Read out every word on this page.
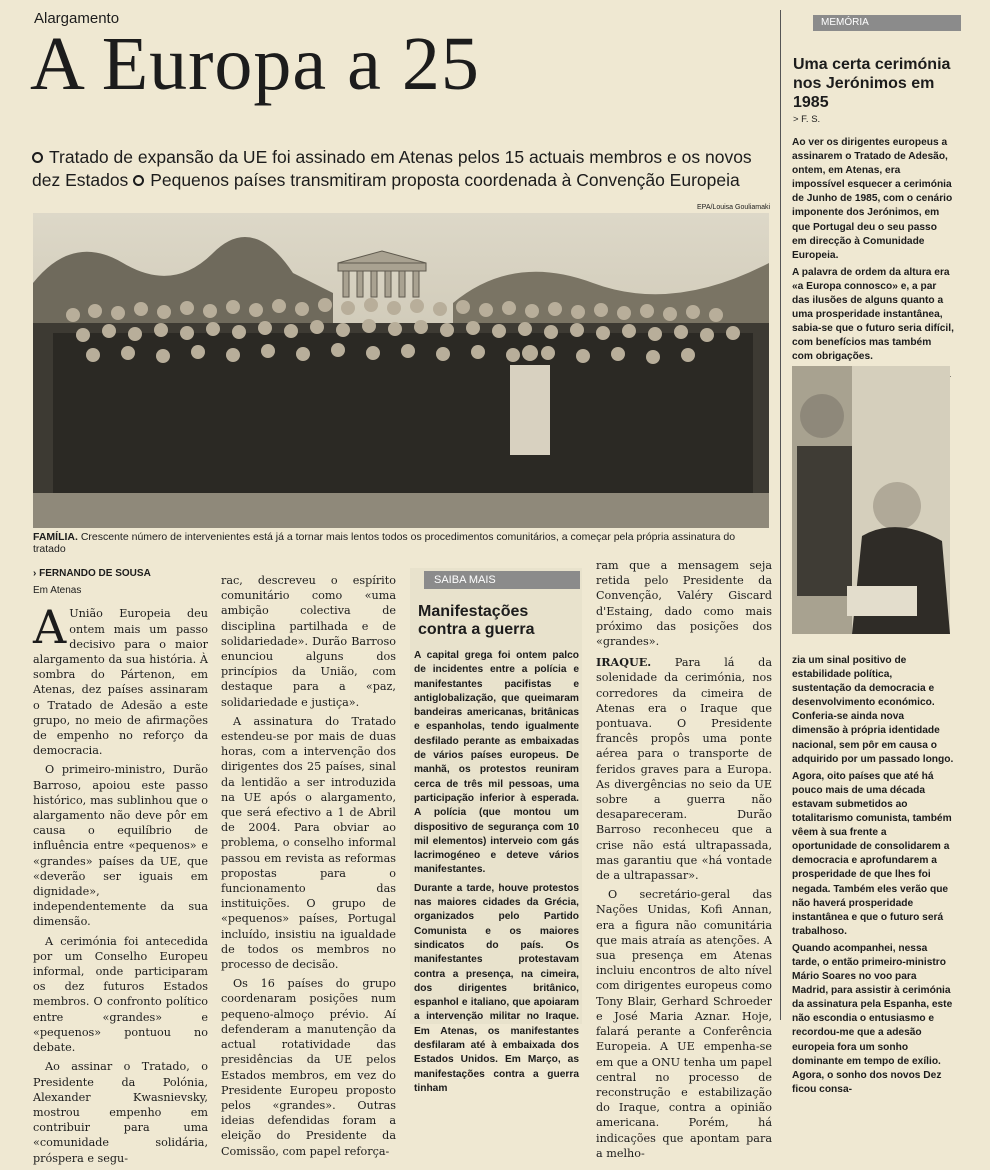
Alargamento
A Europa a 25
Tratado de expansão da UE foi assinado em Atenas pelos 15 actuais membros e os novos dez Estados Pequenos países transmitiram proposta coordenada à Convenção Europeia
EPA/Louisa Gouliamaki
FAMÍLIA. Crescente número de intervenientes está já a tornar mais lentos todos os procedimentos comunitários, a começar pela própria assinatura do tratado
› FERNANDO DE SOUSA
Em Atenas

A União Europeia deu ontem mais um passo decisivo para o maior alargamento da sua história. À sombra do Pártenon, em Atenas, dez países assinaram o Tratado de Adesão a este grupo, no meio de afirmações de empenho no reforço da democracia.

O primeiro-ministro, Durão Barroso, apoiou este passo histórico, mas sublinhou que o alargamento não deve pôr em causa o equilíbrio de influência entre «pequenos» e «grandes» países da UE, que «deverão ser iguais em dignidade», independentemente da sua dimensão.

A cerimónia foi antecedida por um Conselho Europeu informal, onde participaram os dez futuros Estados membros. O confronto político entre «grandes» e «pequenos» pontuou no debate.

Ao assinar o Tratado, o Presidente da Polónia, Alexander Kwasnievsky, mostrou empenho em contribuir para uma «comunidade solidária, próspera e segu-

rac, descreveu o espírito comunitário como «uma ambição colectiva de disciplina partilhada e de solidariedade». Durão Barroso enunciou alguns dos princípios da União, com destaque para a «paz, solidariedade e justiça».

A assinatura do Tratado estendeu-se por mais de duas horas, com a intervenção dos dirigentes dos 25 países, sinal da lentidão a ser introduzida na UE após o alargamento, que será efectivo a 1 de Abril de 2004. Para obviar ao problema, o conselho informal passou em revista as reformas propostas para o funcionamento das instituições. O grupo de «pequenos» países, Portugal incluído, insistiu na igualdade de todos os membros no processo de decisão.

Os 16 países do grupo coordenaram posições num pequeno-almoço prévio. Aí defenderam a manutenção da actual rotatividade das presidências da UE pelos Estados membros, em vez do Presidente Europeu proposto pelos «grandes». Outras ideias defendidas foram a eleição do Presidente da Comissão, com papel reforça-

SAIBA MAIS
Manifestações contra a guerra

A capital grega foi ontem palco de incidentes entre a polícia e manifestantes pacifistas e antiglobalização, que queimaram bandeiras americanas, britânicas e espanholas, tendo igualmente desfilado perante as embaixadas de vários países europeus. De manhã, os protestos reuniram cerca de três mil pessoas, uma participação inferior à esperada. A polícia (que montou um dispositivo de segurança com 10 mil elementos) interveio com gás lacrimogéneo e deteve vários manifestantes.

Durante a tarde, houve protestos nas maiores cidades da Grécia, organizados pelo Partido Comunista e os maiores sindicatos do país. Os manifestantes protestavam contra a presença, na cimeira, dos dirigentes britânico, espanhol e italiano, que apoiaram a intervenção militar no Iraque. Em Atenas, os manifestantes desfilaram até à embaixada dos Estados Unidos. Em Março, as manifestações contra a guerra tinham

ram que a mensagem seja retida pelo Presidente da Convenção, Valéry Giscard d'Estaing, dado como mais próximo das posições dos «grandes».

IRAQUE. Para lá da solenidade da cerimónia, nos corredores da cimeira de Atenas era o Iraque que pontuava. O Presidente francês propôs uma ponte aérea para o transporte de feridos graves para a Europa. As divergências no seio da UE sobre a guerra não desapareceram. Durão Barroso reconheceu que a crise não está ultrapassada, mas garantiu que «há vontade de a ultrapassar».

O secretário-geral das Nações Unidas, Kofi Annan, era a figura não comunitária que mais atraía as atenções. A sua presença em Atenas incluiu encontros de alto nível com dirigentes europeus como Tony Blair, Gerhard Schroeder e José Maria Aznar. Hoje, falará perante a Conferência Europeia. A UE empenha-se em que a ONU tenha um papel central no processo de reconstrução e estabilização do Iraque, contra a opinião americana. Porém, há indicações que apontam para a melho-

MEMÓRIA
Uma certa cerimónia nos Jerónimos em 1985
> F. S.

Ao ver os dirigentes europeus a assinarem o Tratado de Adesão, ontem, em Atenas, era impossível esquecer a cerimónia de Junho de 1985, com o cenário imponente dos Jerónimos, em que Portugal deu o seu passo em direcção à Comunidade Europeia.

A palavra de ordem da altura era «a Europa connosco» e, a par das ilusões de alguns quanto a uma prosperidade instantânea, sabia-se que o futuro seria difícil, com benefícios mas também com obrigações.

zia um sinal positivo de estabilidade política, sustentação da democracia e desenvolvimento económico. Conferia-se ainda nova dimensão à própria identidade nacional, sem pôr em causa o adquirido por um passado longo.

Agora, oito países que até há pouco mais de uma década estavam submetidos ao totalitarismo comunista, também vêem à sua frente a oportunidade de consolidarem a democracia e aprofundarem a prosperidade de que lhes foi negada. Também eles verão que não haverá prosperidade instantânea e que o futuro será trabalhoso.

Quando acompanhei, nessa tarde, o então primeiro-ministro Mário Soares no voo para Madrid, para assistir à cerimónia da assinatura pela Espanha, este não escondia o entusiasmo e recordou-me que a adesão europeia fora um sonho dominante em tempo de exílio. Agora, o sonho dos novos Dez ficou consa-
